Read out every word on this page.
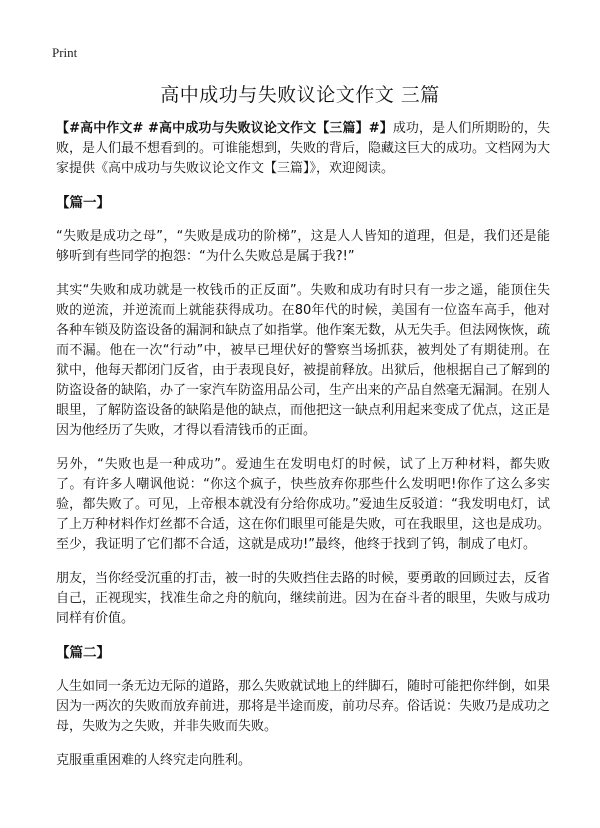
Print
高中成功与失败议论文作文 三篇

【#高中作文# #高中成功与失败议论文作文【三篇】#】成功，是人们所期盼的，失败，是人们最不想看到的。可谁能想到，失败的背后，隐藏这巨大的成功。文档网为大家提供《高中成功与失败议论文作文【三篇】》，欢迎阅读。

【篇一】

“失败是成功之母”，“失败是成功的阶梯”，这是人人皆知的道理，但是，我们还是能够听到有些同学的抱怨：“为什么失败总是属于我?!”

其实“失败和成功就是一枚钱币的正反面”。失败和成功有时只有一步之遥，能顶住失败的逆流，并逆流而上就能获得成功。在80年代的时候，美国有一位盗车高手，他对各种车锁及防盗设备的漏洞和缺点了如指掌。他作案无数，从无失手。但法网恢恢，疏而不漏。他在一次“行动”中，被早已埋伏好的警察当场抓获，被判处了有期徒刑。在狱中，他每天都闭门反省，由于表现良好，被提前释放。出狱后，他根据自己了解到的防盗设备的缺陷，办了一家汽车防盗用品公司，生产出来的产品自然毫无漏洞。在别人眼里，了解防盗设备的缺陷是他的缺点，而他把这一缺点利用起来变成了优点，这正是因为他经历了失败，才得以看清钱币的正面。

另外，“失败也是一种成功”。爱迪生在发明电灯的时候，试了上万种材料，都失败了。有许多人嘲讽他说：“你这个疯子，快些放弃你那些什么发明吧!你作了这么多实验，都失败了。可见，上帝根本就没有分给你成功。”爱迪生反驳道：“我发明电灯，试了上万种材料作灯丝都不合适，这在你们眼里可能是失败，可在我眼里，这也是成功。至少，我证明了它们都不合适，这就是成功!”最终，他终于找到了钨，制成了电灯。

朋友，当你经受沉重的打击，被一时的失败挡住去路的时候，要勇敢的回顾过去，反省自己，正视现实，找准生命之舟的航向，继续前进。因为在奋斗者的眼里，失败与成功同样有价值。

【篇二】

人生如同一条无边无际的道路，那么失败就试地上的绊脚石，随时可能把你绊倒，如果因为一两次的失败而放弃前进，那将是半途而废，前功尽弃。俗话说：失败乃是成功之母，失败为之失败，并非失败而失败。

克服重重困难的人终究走向胜利。
